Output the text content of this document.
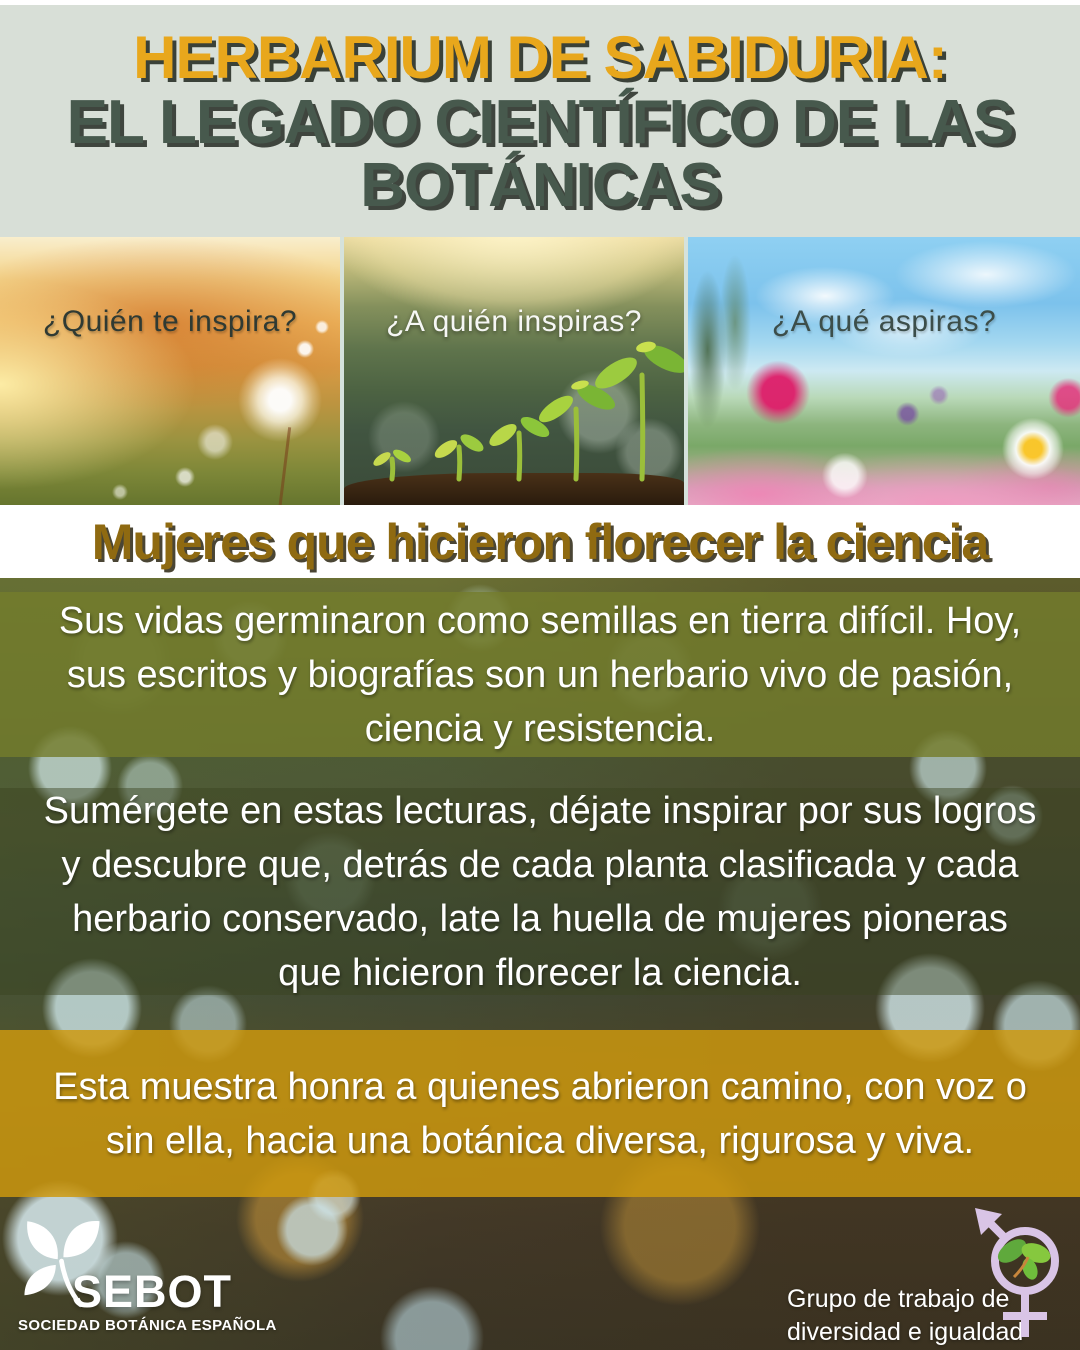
HERBARIUM DE SABIDURIA:
EL LEGADO CIENTÍFICO DE LAS
BOTÁNICAS
¿Quién te inspira?	¿A quién inspiras?	¿A qué aspiras?
Mujeres que hicieron florecer la ciencia

Sus vidas germinaron como semillas en tierra difícil. Hoy, sus escritos y biografías son un herbario vivo de pasión, ciencia y resistencia.

Sumérgete en estas lecturas, déjate inspirar por sus logros y descubre que, detrás de cada planta clasificada y cada herbario conservado, late la huella de mujeres pioneras que hicieron florecer la ciencia.

Esta muestra honra a quienes abrieron camino, con voz o sin ella, hacia una botánica diversa, rigurosa y viva.

SEBOT
SOCIEDAD BOTÁNICA ESPAÑOLA
Grupo de trabajo de
diversidad e igualdad
